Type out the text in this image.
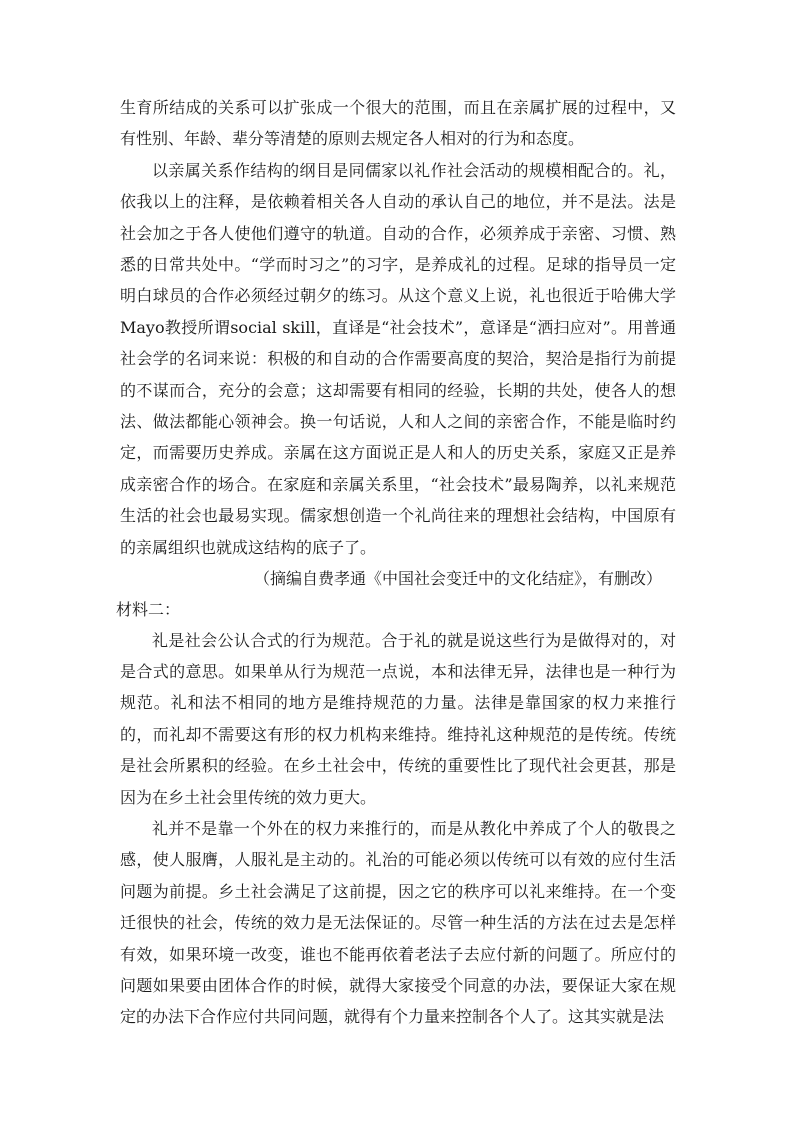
生育所结成的关系可以扩张成一个很大的范围，而且在亲属扩展的过程中，又有性别、年龄、辈分等清楚的原则去规定各人相对的行为和态度。

以亲属关系作结构的纲目是同儒家以礼作社会活动的规模相配合的。礼，依我以上的注释，是依赖着相关各人自动的承认自己的地位，并不是法。法是社会加之于各人使他们遵守的轨道。自动的合作，必须养成于亲密、习惯、熟悉的日常共处中。“学而时习之”的习字，是养成礼的过程。足球的指导员一定明白球员的合作必须经过朝夕的练习。从这个意义上说，礼也很近于哈佛大学Mayo教授所谓social skill，直译是“社会技术”，意译是“洒扫应对”。用普通社会学的名词来说：积极的和自动的合作需要高度的契洽，契洽是指行为前提的不谋而合，充分的会意；这却需要有相同的经验，长期的共处，使各人的想法、做法都能心领神会。换一句话说，人和人之间的亲密合作，不能是临时约定，而需要历史养成。亲属在这方面说正是人和人的历史关系，家庭又正是养成亲密合作的场合。在家庭和亲属关系里，“社会技术”最易陶养，以礼来规范生活的社会也最易实现。儒家想创造一个礼尚往来的理想社会结构，中国原有的亲属组织也就成这结构的底子了。

（摘编自费孝通《中国社会变迁中的文化结症》，有删改）

材料二：

礼是社会公认合式的行为规范。合于礼的就是说这些行为是做得对的，对是合式的意思。如果单从行为规范一点说，本和法律无异，法律也是一种行为规范。礼和法不相同的地方是维持规范的力量。法律是靠国家的权力来推行的，而礼却不需要这有形的权力机构来维持。维持礼这种规范的是传统。传统是社会所累积的经验。在乡土社会中，传统的重要性比了现代社会更甚，那是因为在乡土社会里传统的效力更大。

礼并不是靠一个外在的权力来推行的，而是从教化中养成了个人的敬畏之感，使人服膺，人服礼是主动的。礼治的可能必须以传统可以有效的应付生活问题为前提。乡土社会满足了这前提，因之它的秩序可以礼来维持。在一个变迁很快的社会，传统的效力是无法保证的。尽管一种生活的方法在过去是怎样有效，如果环境一改变，谁也不能再依着老法子去应付新的问题了。所应付的问题如果要由团体合作的时候，就得大家接受个同意的办法，要保证大家在规定的办法下合作应付共同问题，就得有个力量来控制各个人了。这其实就是法
